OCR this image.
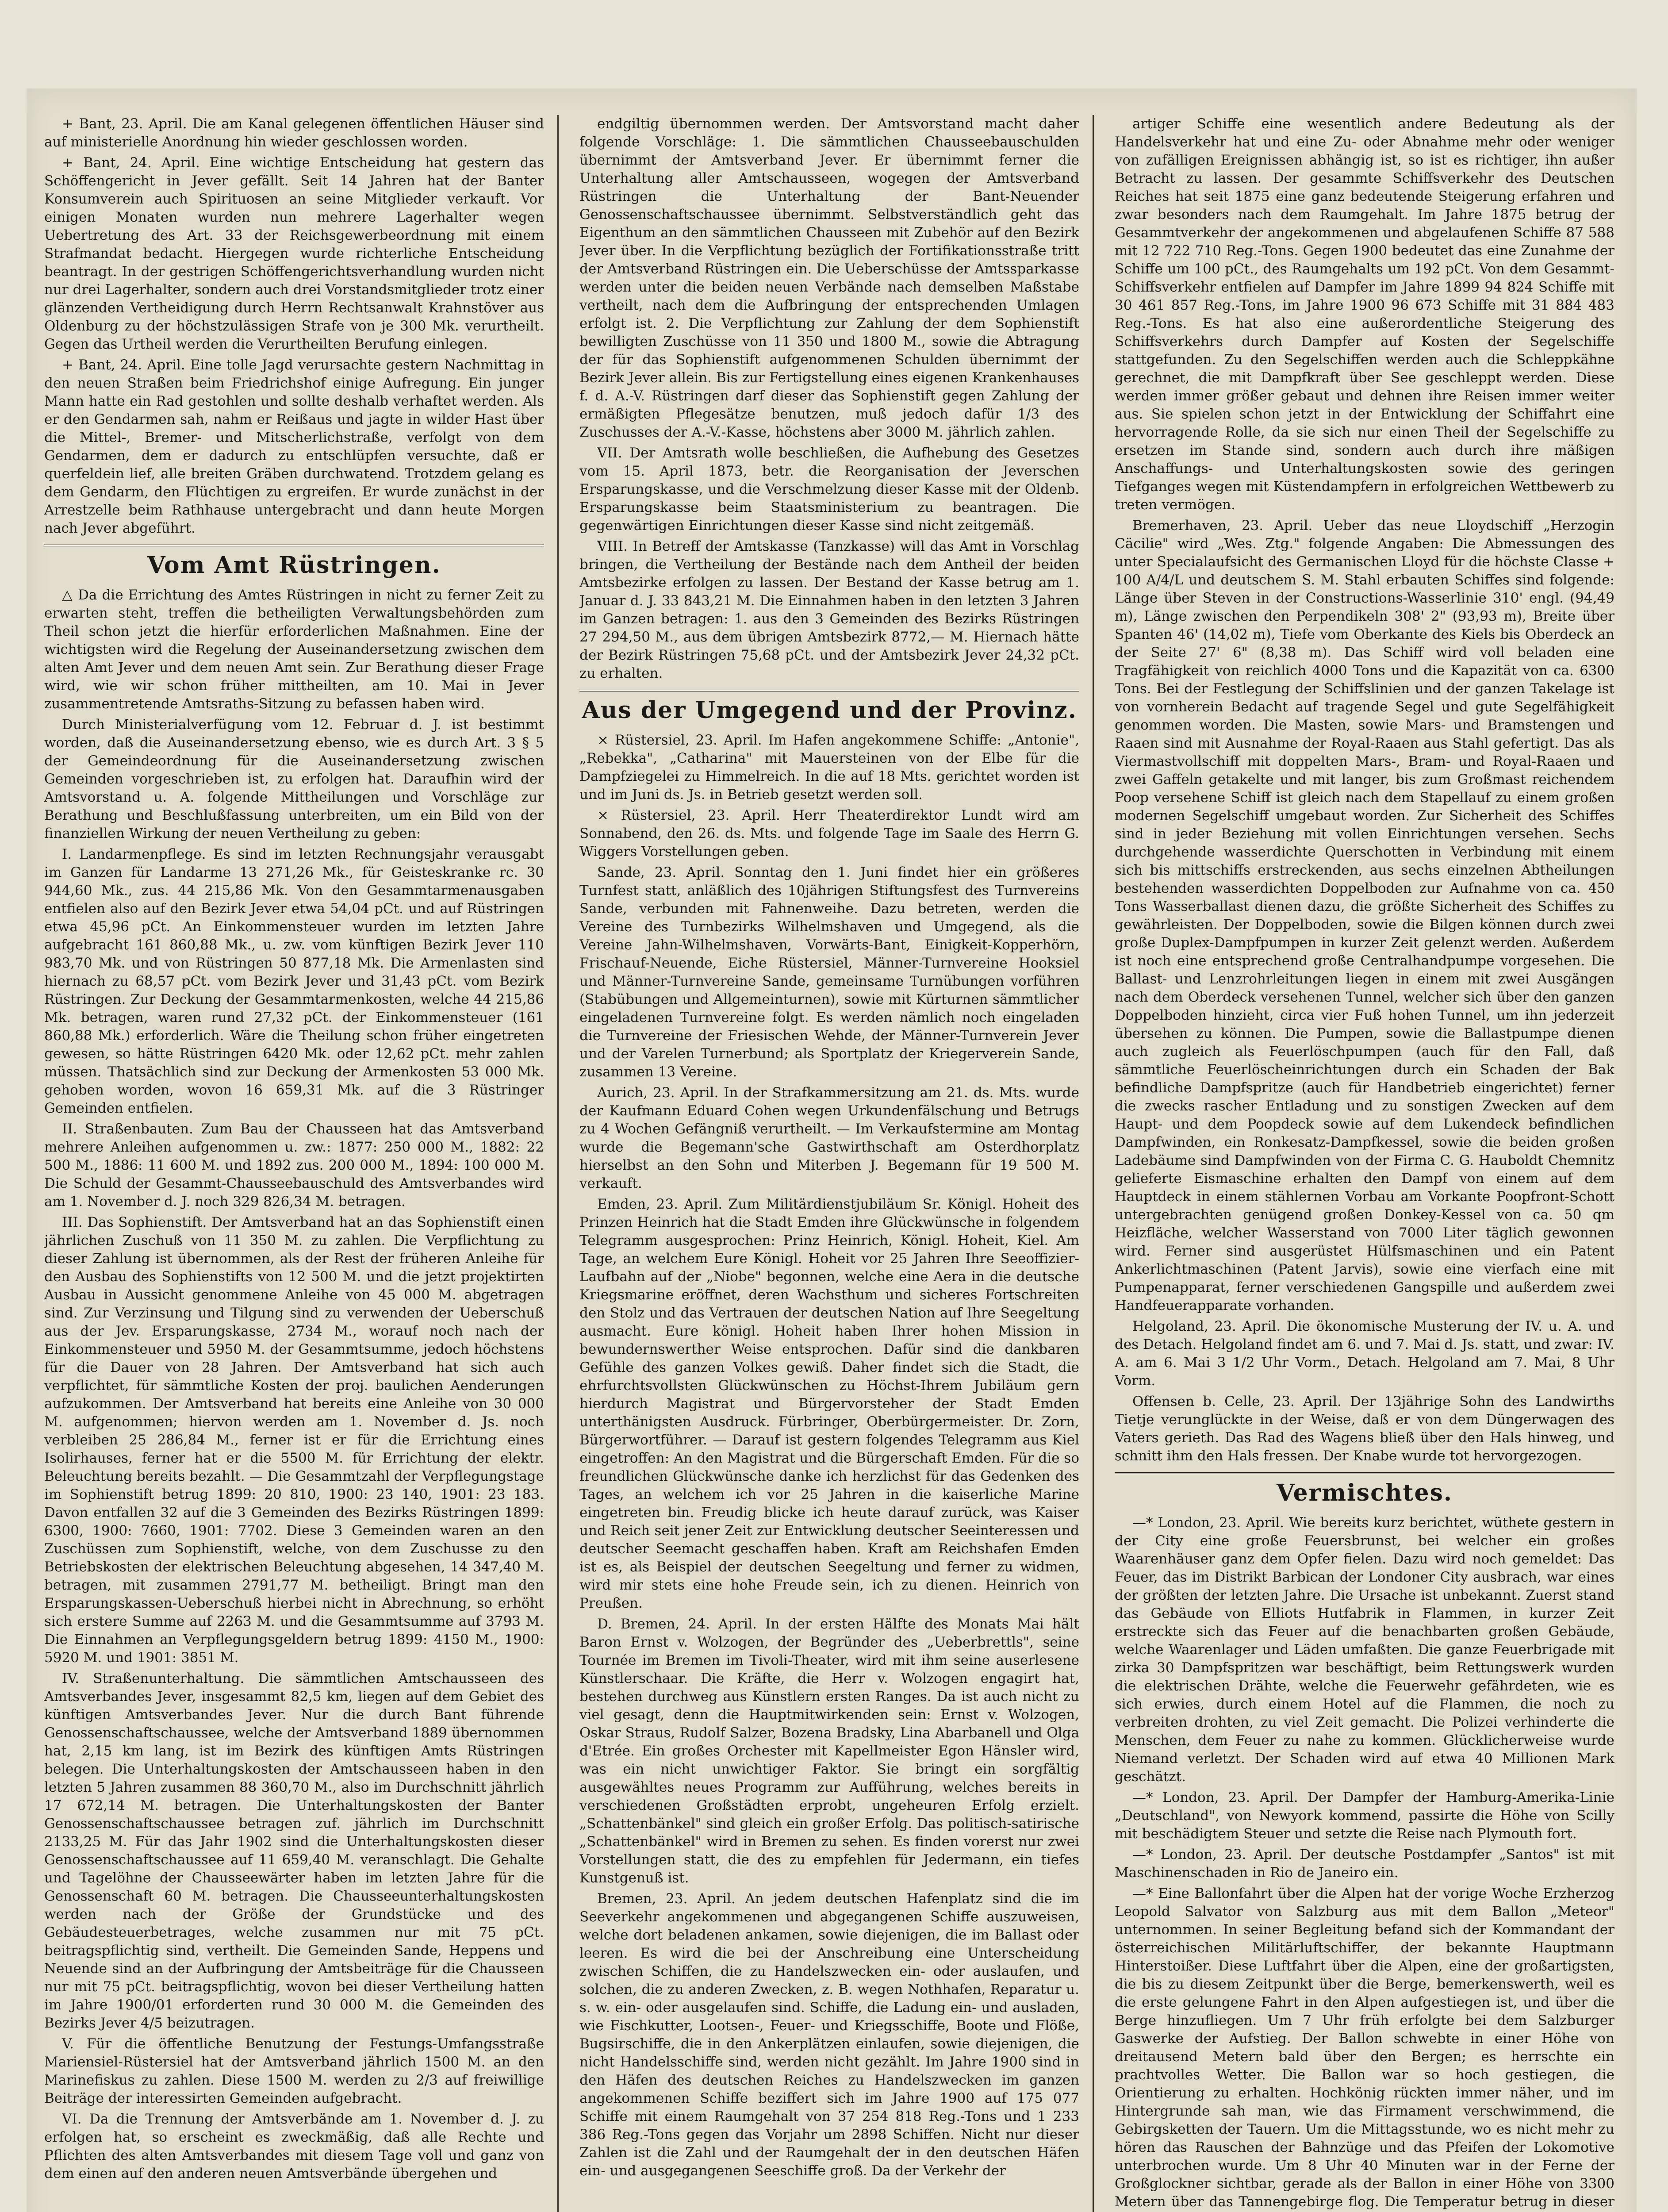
+ Bant, 23. April. Die am Kanal gelegenen öffentlichen Häuser sind auf ministerielle Anordnung hin wieder geschlossen worden.

+ Bant, 24. April. Eine wichtige Entscheidung hat gestern das Schöffengericht in Jever gefällt. Seit 14 Jahren hat der Banter Konsumverein auch Spirituosen an seine Mitglieder verkauft. Vor einigen Monaten wurden nun mehrere Lagerhalter wegen Uebertretung des Art. 33 der Reichsgewerbeordnung mit einem Strafmandat bedacht. Hiergegen wurde richterliche Entscheidung beantragt. In der gestrigen Schöffengerichtsverhandlung wurden nicht nur drei Lagerhalter, sondern auch drei Vorstandsmitglieder trotz einer glänzenden Vertheidigung durch Herrn Rechtsanwalt Krahnstöver aus Oldenburg zu der höchstzulässigen Strafe von je 300 Mk. verurtheilt. Gegen das Urtheil werden die Verurtheilten Berufung einlegen.

+ Bant, 24. April. Eine tolle Jagd verursachte gestern Nachmittag in den neuen Straßen beim Friedrichshof einige Aufregung. Ein junger Mann hatte ein Rad gestohlen und sollte deshalb verhaftet werden. Als er den Gendarmen sah, nahm er Reißaus und jagte in wilder Hast über die Mittel-, Bremer- und Mitscherlichstraße, verfolgt von dem Gendarmen, dem er dadurch zu entschlüpfen versuchte, daß er querfeldein lief, alle breiten Gräben durchwatend. Trotzdem gelang es dem Gendarm, den Flüchtigen zu ergreifen. Er wurde zunächst in der Arrestzelle beim Rathhause untergebracht und dann heute Morgen nach Jever abgeführt.

Vom Amt Rüstringen.

△ Da die Errichtung des Amtes Rüstringen in nicht zu ferner Zeit zu erwarten steht, treffen die betheiligten Verwaltungsbehörden zum Theil schon jetzt die hierfür erforderlichen Maßnahmen. Eine der wichtigsten wird die Regelung der Auseinandersetzung zwischen dem alten Amt Jever und dem neuen Amt sein. Zur Berathung dieser Frage wird, wie wir schon früher mittheilten, am 10. Mai in Jever zusammentretende Amtsraths-Sitzung zu befassen haben wird.

Durch Ministerialverfügung vom 12. Februar d. J. ist bestimmt worden, daß die Auseinandersetzung ebenso, wie es durch Art. 3 § 5 der Gemeindeordnung für die Auseinandersetzung zwischen Gemeinden vorgeschrieben ist, zu erfolgen hat. Daraufhin wird der Amtsvorstand u. A. folgende Mittheilungen und Vorschläge zur Berathung und Beschlußfassung unterbreiten, um ein Bild von der finanziellen Wirkung der neuen Vertheilung zu geben:

I. Landarmenpflege. Es sind im letzten Rechnungsjahr verausgabt im Ganzen für Landarme 13 271,26 Mk., für Geisteskranke rc. 30 944,60 Mk., zus. 44 215,86 Mk. Von den Gesammtarmenausgaben entfielen also auf den Bezirk Jever etwa 54,04 pCt. und auf Rüstringen etwa 45,96 pCt. An Einkommensteuer wurden im letzten Jahre aufgebracht 161 860,88 Mk., u. zw. vom künftigen Bezirk Jever 110 983,70 Mk. und von Rüstringen 50 877,18 Mk. Die Armenlasten sind hiernach zu 68,57 pCt. vom Bezirk Jever und 31,43 pCt. vom Bezirk Rüstringen. Zur Deckung der Gesammtarmenkosten, welche 44 215,86 Mk. betragen, waren rund 27,32 pCt. der Einkommensteuer (161 860,88 Mk.) erforderlich. Wäre die Theilung schon früher eingetreten gewesen, so hätte Rüstringen 6420 Mk. oder 12,62 pCt. mehr zahlen müssen. Thatsächlich sind zur Deckung der Armenkosten 53 000 Mk. gehoben worden, wovon 16 659,31 Mk. auf die 3 Rüstringer Gemeinden entfielen.

II. Straßenbauten. Zum Bau der Chausseen hat das Amtsverband mehrere Anleihen aufgenommen u. zw.: 1877: 250 000 M., 1882: 22 500 M., 1886: 11 600 M. und 1892 zus. 200 000 M., 1894: 100 000 M. Die Schuld der Gesammt-Chausseebauschuld des Amtsverbandes wird am 1. November d. J. noch 329 826,34 M. betragen.

III. Das Sophienstift. Der Amtsverband hat an das Sophienstift einen jährlichen Zuschuß von 11 350 M. zu zahlen. Die Verpflichtung zu dieser Zahlung ist übernommen, als der Rest der früheren Anleihe für den Ausbau des Sophienstifts von 12 500 M. und die jetzt projektirten Ausbau in Aussicht genommene Anleihe von 45 000 M. abgetragen sind. Zur Verzinsung und Tilgung sind zu verwenden der Ueberschuß aus der Jev. Ersparungskasse, 2734 M., worauf noch nach der Einkommensteuer und 5950 M. der Gesammtsumme, jedoch höchstens für die Dauer von 28 Jahren. Der Amtsverband hat sich auch verpflichtet, für sämmtliche Kosten der proj. baulichen Aenderungen aufzukommen. Der Amtsverband hat bereits eine Anleihe von 30 000 M. aufgenommen; hiervon werden am 1. November d. Js. noch verbleiben 25 286,84 M., ferner ist er für die Errichtung eines Isolirhauses, ferner hat er die 5500 M. für Errichtung der elektr. Beleuchtung bereits bezahlt. — Die Gesammtzahl der Verpflegungstage im Sophienstift betrug 1899: 20 810, 1900: 23 140, 1901: 23 183. Davon entfallen 32 auf die 3 Gemeinden des Bezirks Rüstringen 1899: 6300, 1900: 7660, 1901: 7702. Diese 3 Gemeinden waren an den Zuschüssen zum Sophienstift, welche, von dem Zuschusse zu den Betriebskosten der elektrischen Beleuchtung abgesehen, 14 347,40 M. betragen, mit zusammen 2791,77 M. betheiligt. Bringt man den Ersparungskassen-Ueberschuß hierbei nicht in Abrechnung, so erhöht sich erstere Summe auf 2263 M. und die Gesammtsumme auf 3793 M. Die Einnahmen an Verpflegungsgeldern betrug 1899: 4150 M., 1900: 5920 M. und 1901: 3851 M.

IV. Straßenunterhaltung. Die sämmtlichen Amtschausseen des Amtsverbandes Jever, insgesammt 82,5 km, liegen auf dem Gebiet des künftigen Amtsverbandes Jever. Nur die durch Bant führende Genossenschaftschaussee, welche der Amtsverband 1889 übernommen hat, 2,15 km lang, ist im Bezirk des künftigen Amts Rüstringen belegen. Die Unterhaltungskosten der Amtschausseen haben in den letzten 5 Jahren zusammen 88 360,70 M., also im Durchschnitt jährlich 17 672,14 M. betragen. Die Unterhaltungskosten der Banter Genossenschaftschaussee betragen zuf. jährlich im Durchschnitt 2133,25 M. Für das Jahr 1902 sind die Unterhaltungskosten dieser Genossenschaftschaussee auf 11 659,40 M. veranschlagt. Die Gehalte und Tagelöhne der Chausseewärter haben im letzten Jahre für die Genossenschaft 60 M. betragen. Die Chausseeunterhaltungskosten werden nach der Größe der Grundstücke und des Gebäudesteuerbetrages, welche zusammen nur mit 75 pCt. beitragspflichtig sind, vertheilt. Die Gemeinden Sande, Heppens und Neuende sind an der Aufbringung der Amtsbeiträge für die Chausseen nur mit 75 pCt. beitragspflichtig, wovon bei dieser Vertheilung hatten im Jahre 1900/01 erforderten rund 30 000 M. die Gemeinden des Bezirks Jever 4/5 beizutragen.

V. Für die öffentliche Benutzung der Festungs-Umfangsstraße Mariensiel-Rüstersiel hat der Amtsverband jährlich 1500 M. an den Marinefiskus zu zahlen. Diese 1500 M. werden zu 2/3 auf freiwillige Beiträge der interessirten Gemeinden aufgebracht.

VI. Da die Trennung der Amtsverbände am 1. November d. J. zu erfolgen hat, so erscheint es zweckmäßig, daß alle Rechte und Pflichten des alten Amtsverbandes mit diesem Tage voll und ganz von dem einen auf den anderen neuen Amtsverbände übergehen und

endgiltig übernommen werden. Der Amtsvorstand macht daher folgende Vorschläge: 1. Die sämmtlichen Chausseebauschulden übernimmt der Amtsverband Jever. Er übernimmt ferner die Unterhaltung aller Amtschausseen, wogegen der Amtsverband Rüstringen die Unterhaltung der Bant-Neuender Genossenschaftschaussee übernimmt. Selbstverständlich geht das Eigenthum an den sämmtlichen Chausseen mit Zubehör auf den Bezirk Jever über. In die Verpflichtung bezüglich der Fortifikationsstraße tritt der Amtsverband Rüstringen ein. Die Ueberschüsse der Amtssparkasse werden unter die beiden neuen Verbände nach demselben Maßstabe vertheilt, nach dem die Aufbringung der entsprechenden Umlagen erfolgt ist. 2. Die Verpflichtung zur Zahlung der dem Sophienstift bewilligten Zuschüsse von 11 350 und 1800 M., sowie die Abtragung der für das Sophienstift aufgenommenen Schulden übernimmt der Bezirk Jever allein. Bis zur Fertigstellung eines eigenen Krankenhauses f. d. A.-V. Rüstringen darf dieser das Sophienstift gegen Zahlung der ermäßigten Pflegesätze benutzen, muß jedoch dafür 1/3 des Zuschusses der A.-V.-Kasse, höchstens aber 3000 M. jährlich zahlen.

VII. Der Amtsrath wolle beschließen, die Aufhebung des Gesetzes vom 15. April 1873, betr. die Reorganisation der Jeverschen Ersparungskasse, und die Verschmelzung dieser Kasse mit der Oldenb. Ersparungskasse beim Staatsministerium zu beantragen. Die gegenwärtigen Einrichtungen dieser Kasse sind nicht zeitgemäß.

VIII. In Betreff der Amtskasse (Tanzkasse) will das Amt in Vorschlag bringen, die Vertheilung der Bestände nach dem Antheil der beiden Amtsbezirke erfolgen zu lassen. Der Bestand der Kasse betrug am 1. Januar d. J. 33 843,21 M. Die Einnahmen haben in den letzten 3 Jahren im Ganzen betragen: 1. aus den 3 Gemeinden des Bezirks Rüstringen 27 294,50 M., aus dem übrigen Amtsbezirk 8772,— M. Hiernach hätte der Bezirk Rüstringen 75,68 pCt. und der Amtsbezirk Jever 24,32 pCt. zu erhalten.

Aus der Umgegend und der Provinz.

× Rüstersiel, 23. April. Im Hafen angekommene Schiffe: „Antonie", „Rebekka", „Catharina" mit Mauersteinen von der Elbe für die Dampfziegelei zu Himmelreich. In die auf 18 Mts. gerichtet worden ist und im Juni ds. Js. in Betrieb gesetzt werden soll.

× Rüstersiel, 23. April. Herr Theaterdirektor Lundt wird am Sonnabend, den 26. ds. Mts. und folgende Tage im Saale des Herrn G. Wiggers Vorstellungen geben.

Sande, 23. April. Sonntag den 1. Juni findet hier ein größeres Turnfest statt, anläßlich des 10jährigen Stiftungsfest des Turnvereins Sande, verbunden mit Fahnenweihe. Dazu betreten, werden die Vereine des Turnbezirks Wilhelmshaven und Umgegend, als die Vereine Jahn-Wilhelmshaven, Vorwärts-Bant, Einigkeit-Kopperhörn, Frischauf-Neuende, Eiche Rüstersiel, Männer-Turnvereine Hooksiel und Männer-Turnvereine Sande, gemeinsame Turnübungen vorführen (Stabübungen und Allgemeinturnen), sowie mit Kürturnen sämmtlicher eingeladenen Turnvereine folgt. Es werden nämlich noch eingeladen die Turnvereine der Friesischen Wehde, der Männer-Turnverein Jever und der Varelen Turnerbund; als Sportplatz der Kriegerverein Sande, zusammen 13 Vereine.

Aurich, 23. April. In der Strafkammersitzung am 21. ds. Mts. wurde der Kaufmann Eduard Cohen wegen Urkundenfälschung und Betrugs zu 4 Wochen Gefängniß verurtheilt. — Im Verkaufstermine am Montag wurde die Begemann'sche Gastwirthschaft am Osterdhorplatz hierselbst an den Sohn und Miterben J. Begemann für 19 500 M. verkauft.

Emden, 23. April. Zum Militärdienstjubiläum Sr. Königl. Hoheit des Prinzen Heinrich hat die Stadt Emden ihre Glückwünsche in folgendem Telegramm ausgesprochen: Prinz Heinrich, Königl. Hoheit, Kiel. Am Tage, an welchem Eure Königl. Hoheit vor 25 Jahren Ihre Seeoffizier-Laufbahn auf der „Niobe" begonnen, welche eine Aera in die deutsche Kriegsmarine eröffnet, deren Wachsthum und sicheres Fortschreiten den Stolz und das Vertrauen der deutschen Nation auf Ihre Seegeltung ausmacht. Eure königl. Hoheit haben Ihrer hohen Mission in bewundernswerther Weise entsprochen. Dafür sind die dankbaren Gefühle des ganzen Volkes gewiß. Daher findet sich die Stadt, die ehrfurchtsvollsten Glückwünschen zu Höchst-Ihrem Jubiläum gern hierdurch Magistrat und Bürgervorsteher der Stadt Emden unterthänigsten Ausdruck. Fürbringer, Oberbürgermeister. Dr. Zorn, Bürgerwortführer. — Darauf ist gestern folgendes Telegramm aus Kiel eingetroffen: An den Magistrat und die Bürgerschaft Emden. Für die so freundlichen Glückwünsche danke ich herzlichst für das Gedenken des Tages, an welchem ich vor 25 Jahren in die kaiserliche Marine eingetreten bin. Freudig blicke ich heute darauf zurück, was Kaiser und Reich seit jener Zeit zur Entwicklung deutscher Seeinteressen und deutscher Seemacht geschaffen haben. Kraft am Reichshafen Emden ist es, als Beispiel der deutschen Seegeltung und ferner zu widmen, wird mir stets eine hohe Freude sein, ich zu dienen. Heinrich von Preußen.

D. Bremen, 24. April. In der ersten Hälfte des Monats Mai hält Baron Ernst v. Wolzogen, der Begründer des „Ueberbrettls", seine Tournée im Bremen im Tivoli-Theater, wird mit ihm seine auserlesene Künstlerschaar. Die Kräfte, die Herr v. Wolzogen engagirt hat, bestehen durchweg aus Künstlern ersten Ranges. Da ist auch nicht zu viel gesagt, denn die Hauptmitwirkenden sein: Ernst v. Wolzogen, Oskar Straus, Rudolf Salzer, Bozena Bradsky, Lina Abarbanell und Olga d'Etrée. Ein großes Orchester mit Kapellmeister Egon Hänsler wird, was ein nicht unwichtiger Faktor. Sie bringt ein sorgfältig ausgewähltes neues Programm zur Aufführung, welches bereits in verschiedenen Großstädten erprobt, ungeheuren Erfolg erzielt. „Schattenbänkel" sind gleich ein großer Erfolg. Das politisch-satirische „Schattenbänkel" wird in Bremen zu sehen. Es finden vorerst nur zwei Vorstellungen statt, die des zu empfehlen für Jedermann, ein tiefes Kunstgenuß ist.

Bremen, 23. April. An jedem deutschen Hafenplatz sind die im Seeverkehr angekommenen und abgegangenen Schiffe auszuweisen, welche dort beladenen ankamen, sowie diejenigen, die im Ballast oder leeren. Es wird die bei der Anschreibung eine Unterscheidung zwischen Schiffen, die zu Handelszwecken ein- oder auslaufen, und solchen, die zu anderen Zwecken, z. B. wegen Nothhafen, Reparatur u. s. w. ein- oder ausgelaufen sind. Schiffe, die Ladung ein- und ausladen, wie Fischkutter, Lootsen-, Feuer- und Kriegsschiffe, Boote und Flöße, Bugsirschiffe, die in den Ankerplätzen einlaufen, sowie diejenigen, die nicht Handelsschiffe sind, werden nicht gezählt. Im Jahre 1900 sind in den Häfen des deutschen Reiches zu Handelszwecken im ganzen angekommenen Schiffe beziffert sich im Jahre 1900 auf 175 077 Schiffe mit einem Raumgehalt von 37 254 818 Reg.-Tons und 1 233 386 Reg.-Tons gegen das Vorjahr um 2898 Schiffen. Nicht nur dieser Zahlen ist die Zahl und der Raumgehalt der in den deutschen Häfen ein- und ausgegangenen Seeschiffe groß. Da der Verkehr der

artiger Schiffe eine wesentlich andere Bedeutung als der Handelsverkehr hat und eine Zu- oder Abnahme mehr oder weniger von zufälligen Ereignissen abhängig ist, so ist es richtiger, ihn außer Betracht zu lassen. Der gesammte Schiffsverkehr des Deutschen Reiches hat seit 1875 eine ganz bedeutende Steigerung erfahren und zwar besonders nach dem Raumgehalt. Im Jahre 1875 betrug der Gesammtverkehr der angekommenen und abgelaufenen Schiffe 87 588 mit 12 722 710 Reg.-Tons. Gegen 1900 bedeutet das eine Zunahme der Schiffe um 100 pCt., des Raumgehalts um 192 pCt. Von dem Gesammt-Schiffsverkehr entfielen auf Dampfer im Jahre 1899 94 824 Schiffe mit 30 461 857 Reg.-Tons, im Jahre 1900 96 673 Schiffe mit 31 884 483 Reg.-Tons. Es hat also eine außerordentliche Steigerung des Schiffsverkehrs durch Dampfer auf Kosten der Segelschiffe stattgefunden. Zu den Segelschiffen werden auch die Schleppkähne gerechnet, die mit Dampfkraft über See geschleppt werden. Diese werden immer größer gebaut und dehnen ihre Reisen immer weiter aus. Sie spielen schon jetzt in der Entwicklung der Schiffahrt eine hervorragende Rolle, da sie sich nur einen Theil der Segelschiffe zu ersetzen im Stande sind, sondern auch durch ihre mäßigen Anschaffungs- und Unterhaltungskosten sowie des geringen Tiefganges wegen mit Küstendampfern in erfolgreichen Wettbewerb zu treten vermögen.

Bremerhaven, 23. April. Ueber das neue Lloydschiff „Herzogin Cäcilie" wird „Wes. Ztg." folgende Angaben: Die Abmessungen des unter Specialaufsicht des Germanischen Lloyd für die höchste Classe + 100 A/4/L und deutschem S. M. Stahl erbauten Schiffes sind folgende: Länge über Steven in der Constructions-Wasserlinie 310' engl. (94,49 m), Länge zwischen den Perpendikeln 308' 2" (93,93 m), Breite über Spanten 46' (14,02 m), Tiefe vom Oberkante des Kiels bis Oberdeck an der Seite 27' 6" (8,38 m). Das Schiff wird voll beladen eine Tragfähigkeit von reichlich 4000 Tons und die Kapazität von ca. 6300 Tons. Bei der Festlegung der Schiffslinien und der ganzen Takelage ist von vornherein Bedacht auf tragende Segel und gute Segelfähigkeit genommen worden. Die Masten, sowie Mars- und Bramstengen und Raaen sind mit Ausnahme der Royal-Raaen aus Stahl gefertigt. Das als Viermastvollschiff mit doppelten Mars-, Bram- und Royal-Raaen und zwei Gaffeln getakelte und mit langer, bis zum Großmast reichendem Poop versehene Schiff ist gleich nach dem Stapellauf zu einem großen modernen Segelschiff umgebaut worden. Zur Sicherheit des Schiffes sind in jeder Beziehung mit vollen Einrichtungen versehen. Sechs durchgehende wasserdichte Querschotten in Verbindung mit einem sich bis mittschiffs erstreckenden, aus sechs einzelnen Abtheilungen bestehenden wasserdichten Doppelboden zur Aufnahme von ca. 450 Tons Wasserballast dienen dazu, die größte Sicherheit des Schiffes zu gewährleisten. Der Doppelboden, sowie die Bilgen können durch zwei große Duplex-Dampfpumpen in kurzer Zeit gelenzt werden. Außerdem ist noch eine entsprechend große Centralhandpumpe vorgesehen. Die Ballast- und Lenzrohrleitungen liegen in einem mit zwei Ausgängen nach dem Oberdeck versehenen Tunnel, welcher sich über den ganzen Doppelboden hinzieht, circa vier Fuß hohen Tunnel, um ihn jederzeit übersehen zu können. Die Pumpen, sowie die Ballastpumpe dienen auch zugleich als Feuerlöschpumpen (auch für den Fall, daß sämmtliche Feuerlöscheinrichtungen durch ein Schaden der Bak befindliche Dampfspritze (auch für Handbetrieb eingerichtet) ferner die zwecks rascher Entladung und zu sonstigen Zwecken auf dem Haupt- und dem Poopdeck sowie auf dem Lukendeck befindlichen Dampfwinden, ein Ronkesatz-Dampfkessel, sowie die beiden großen Ladebäume sind Dampfwinden von der Firma C. G. Hauboldt Chemnitz gelieferte Eismaschine erhalten den Dampf von einem auf dem Hauptdeck in einem stählernen Vorbau am Vorkante Poopfront-Schott untergebrachten genügend großen Donkey-Kessel von ca. 50 qm Heizfläche, welcher Wasserstand von 7000 Liter täglich gewonnen wird. Ferner sind ausgerüstet Hülfsmaschinen und ein Patent Ankerlichtmaschinen (Patent Jarvis), sowie eine vierfach eine mit Pumpenapparat, ferner verschiedenen Gangspille und außerdem zwei Handfeuerapparate vorhanden.

Helgoland, 23. April. Die ökonomische Musterung der IV. u. A. und des Detach. Helgoland findet am 6. und 7. Mai d. Js. statt, und zwar: IV. A. am 6. Mai 3 1/2 Uhr Vorm., Detach. Helgoland am 7. Mai, 8 Uhr Vorm.

Offensen b. Celle, 23. April. Der 13jährige Sohn des Landwirths Tietje verunglückte in der Weise, daß er von dem Düngerwagen des Vaters gerieth. Das Rad des Wagens bließ über den Hals hinweg, und schnitt ihm den Hals fressen. Der Knabe wurde tot hervorgezogen.

Vermischtes.

—* London, 23. April. Wie bereits kurz berichtet, wüthete gestern in der City eine große Feuersbrunst, bei welcher ein großes Waarenhäuser ganz dem Opfer fielen. Dazu wird noch gemeldet: Das Feuer, das im Distrikt Barbican der Londoner City ausbrach, war eines der größten der letzten Jahre. Die Ursache ist unbekannt. Zuerst stand das Gebäude von Elliots Hutfabrik in Flammen, in kurzer Zeit erstreckte sich das Feuer auf die benachbarten großen Gebäude, welche Waarenlager und Läden umfaßten. Die ganze Feuerbrigade mit zirka 30 Dampfspritzen war beschäftigt, beim Rettungswerk wurden die elektrischen Drähte, welche die Feuerwehr gefährdeten, wie es sich erwies, durch einem Hotel auf die Flammen, die noch zu verbreiten drohten, zu viel Zeit gemacht. Die Polizei verhinderte die Menschen, dem Feuer zu nahe zu kommen. Glücklicherweise wurde Niemand verletzt. Der Schaden wird auf etwa 40 Millionen Mark geschätzt.

—* London, 23. April. Der Dampfer der Hamburg-Amerika-Linie „Deutschland", von Newyork kommend, passirte die Höhe von Scilly mit beschädigtem Steuer und setzte die Reise nach Plymouth fort.

—* London, 23. April. Der deutsche Postdampfer „Santos" ist mit Maschinenschaden in Rio de Janeiro ein.

—* Eine Ballonfahrt über die Alpen hat der vorige Woche Erzherzog Leopold Salvator von Salzburg aus mit dem Ballon „Meteor" unternommen. In seiner Begleitung befand sich der Kommandant der österreichischen Militärluftschiffer, der bekannte Hauptmann Hinterstoißer. Diese Luftfahrt über die Alpen, eine der großartigsten, die bis zu diesem Zeitpunkt über die Berge, bemerkenswerth, weil es die erste gelungene Fahrt in den Alpen aufgestiegen ist, und über die Berge hinzufliegen. Um 7 Uhr früh erfolgte bei dem Salzburger Gaswerke der Aufstieg. Der Ballon schwebte in einer Höhe von dreitausend Metern bald über den Bergen; es herrschte ein prachtvolles Wetter. Die Ballon war so hoch gestiegen, die Orientierung zu erhalten. Hochkönig rückten immer näher, und im Hintergrunde sah man, wie das Firmament verschwimmend, die Gebirgsketten der Tauern. Um die Mittagsstunde, wo es nicht mehr zu hören das Rauschen der Bahnzüge und das Pfeifen der Lokomotive unterbrochen wurde. Um 8 Uhr 40 Minuten war in der Ferne der Großglockner sichtbar, gerade als der Ballon in einer Höhe von 3300 Metern über das Tannengebirge flog. Die Temperatur betrug in dieser
